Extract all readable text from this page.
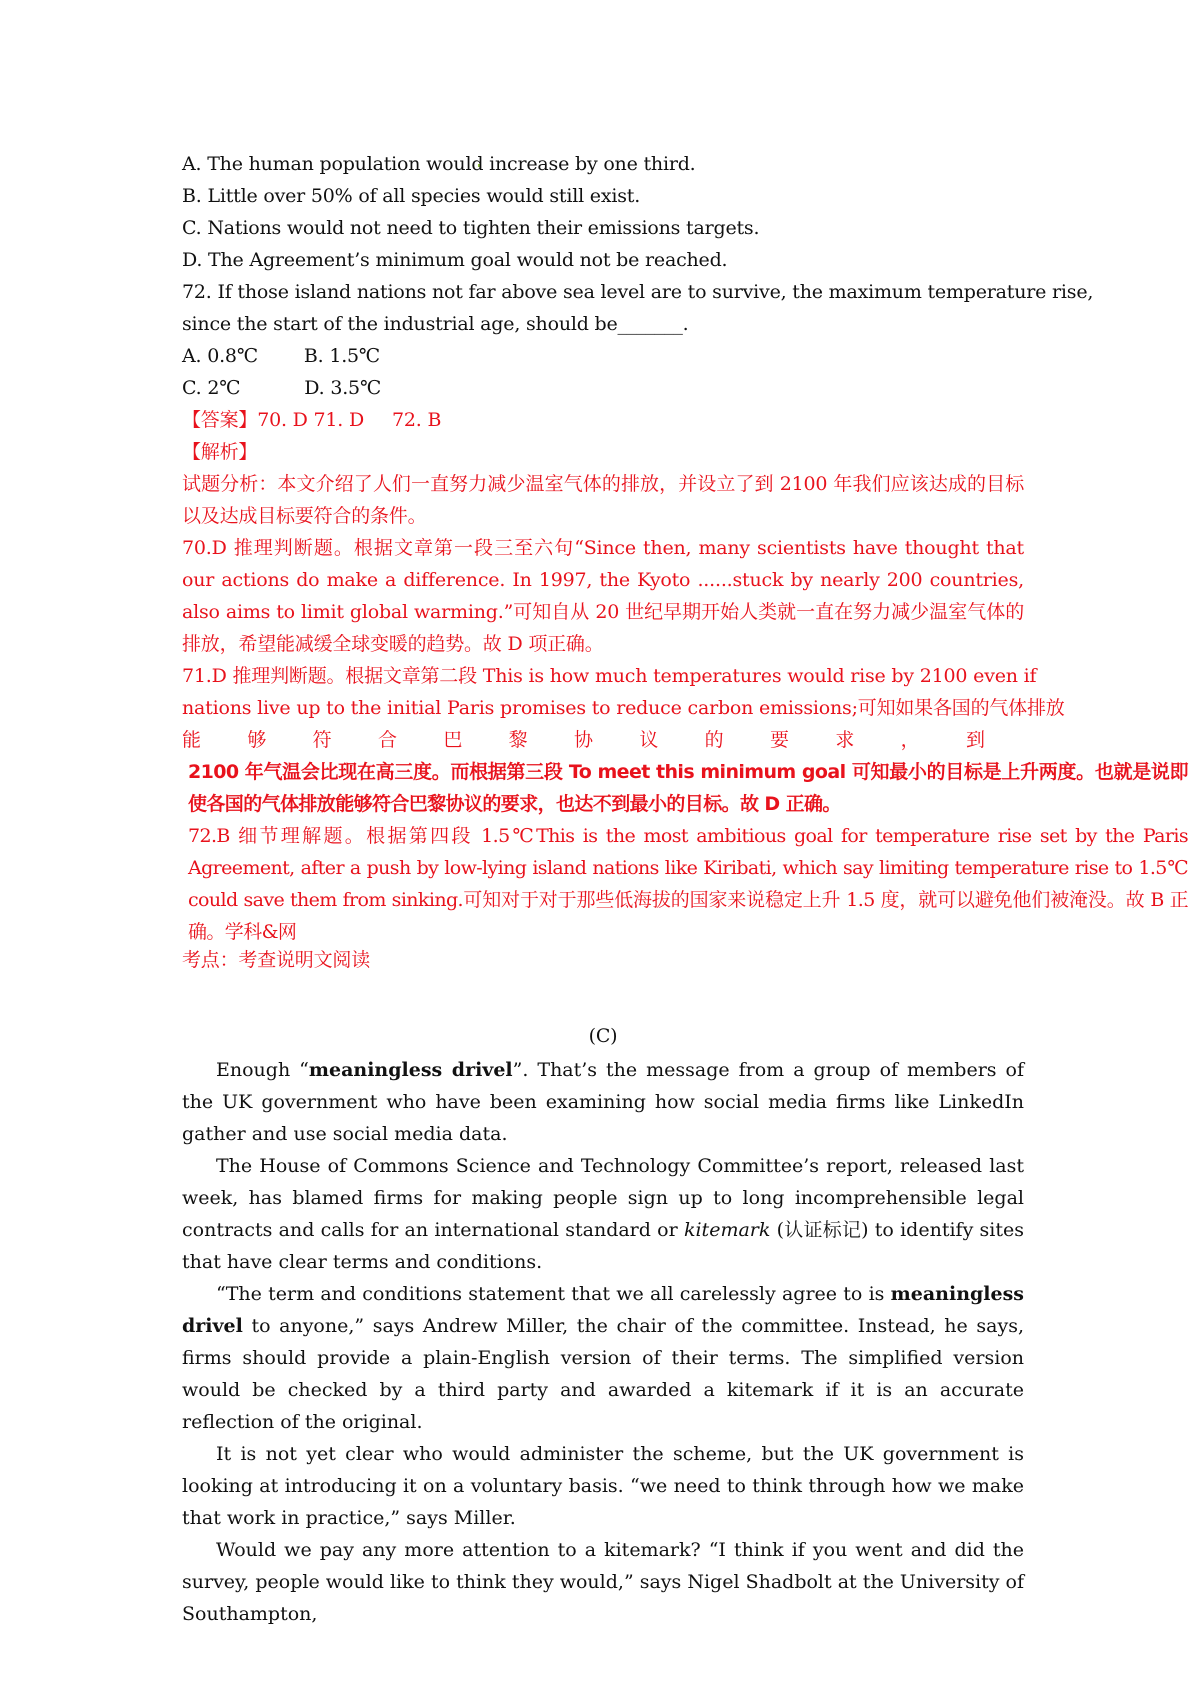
A. The human population would increase by one third.
B. Little over 50% of all species would still exist.
C. Nations would not need to tighten their emissions targets.
D. The Agreement’s minimum goal would not be reached.
72. If those island nations not far above sea level are to survive, the maximum temperature rise,
since the start of the industrial age, should be_______.
A. 0.8℃ B. 1.5℃
C. 2℃	D. 3.5℃
【答案】70. D 71. D 72. B
【解析】
试题分析：本文介绍了人们一直努力减少温室气体的排放，并设立了到 2100 年我们应该达成的目标以及达成目标要符合的条件。
70.D 推理判断题。根据文章第一段三至六句“Since then, many scientists have thought that our actions do make a difference. In 1997, the Kyoto ......stuck by nearly 200 countries, also aims to limit global warming.”可知自从 20 世纪早期开始人类就一直在努力减少温室气体的排放，希望能减缓全球变暖的趋势。故 D 项正确。
71.D 推理判断题。根据文章第二段 This is how much temperatures would rise by 2100 even if
nations live up to the initial Paris promises to reduce carbon emissions;可知如果各国的气体排放
能够符合巴黎协议的要求，到
2100 年气温会比现在高三度。而根据第三段 To meet this minimum goal 可知最小的目标是上升两度。也就是说即使各国的气体排放能够符合巴黎协议的要求，也达不到最小的目标。故 D 正确。
72.B 细节理解题。根据第四段 1.5℃This is the most ambitious goal for temperature rise set by the Paris Agreement, after a push by low-lying island nations like Kiribati, which say limiting temperature rise to 1.5℃ could save them from sinking.可知对于对于那些低海拔的国家来说稳定上升 1.5 度，就可以避免他们被淹没。故 B 正确。学科&网
考点：考查说明文阅读
(C)
Enough “meaningless drivel”. That’s the message from a group of members of the UK government who have been examining how social media firms like LinkedIn gather and use social media data.
The House of Commons Science and Technology Committee’s report, released last week, has blamed firms for making people sign up to long incomprehensible legal contracts and calls for an international standard or kitemark (认证标记) to identify sites that have clear terms and conditions.
“The term and conditions statement that we all carelessly agree to is meaningless drivel to anyone,” says Andrew Miller, the chair of the committee. Instead, he says, firms should provide a plain-English version of their terms. The simplified version would be checked by a third party and awarded a kitemark if it is an accurate reflection of the original.
It is not yet clear who would administer the scheme, but the UK government is looking at introducing it on a voluntary basis. “we need to think through how we make that work in practice,” says Miller.
Would we pay any more attention to a kitemark? “I think if you went and did the survey, people would like to think they would,” says Nigel Shadbolt at the University of Southampton,
